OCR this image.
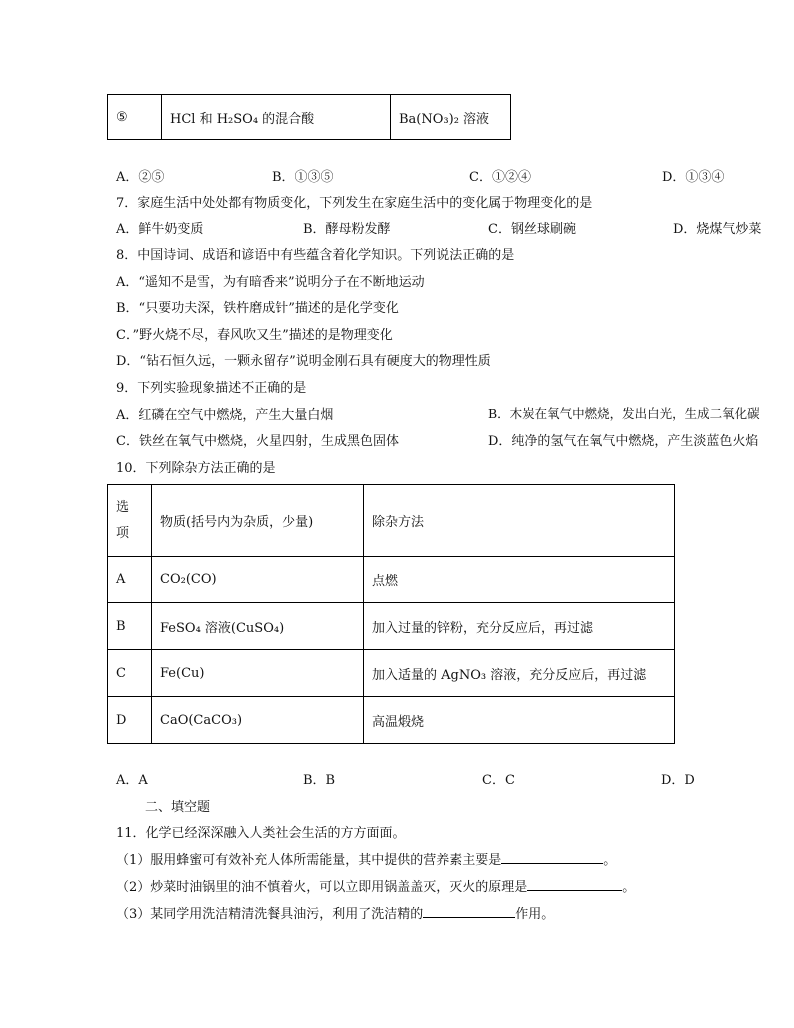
⑤	HCl 和 H₂SO₄ 的混合酸	Ba(NO₃)₂ 溶液
A．②⑤	B．①③⑤	C．①②④	D．①③④
7．家庭生活中处处都有物质变化，下列发生在家庭生活中的变化属于物理变化的是
A．鲜牛奶变质	B．酵母粉发酵	C．钢丝球刷碗	D．烧煤气炒菜
8．中国诗词、成语和谚语中有些蕴含着化学知识。下列说法正确的是
A．“遥知不是雪，为有暗香来”说明分子在不断地运动
B．“只要功夫深，铁杵磨成针”描述的是化学变化
C．”野火烧不尽，春风吹又生”描述的是物理变化
D．“钻石恒久远，一颗永留存”说明金刚石具有硬度大的物理性质
9．下列实验现象描述不正确的是
A．红磷在空气中燃烧，产生大量白烟	B．木炭在氧气中燃烧，发出白光，生成二氧化碳
C．铁丝在氧气中燃烧，火星四射，生成黑色固体	D．纯净的氢气在氧气中燃烧，产生淡蓝色火焰
10．下列除杂方法正确的是
选项	物质(括号内为杂质，少量)	除杂方法
A	CO₂(CO)	点燃
B	FeSO₄ 溶液(CuSO₄)	加入过量的锌粉，充分反应后，再过滤
C	Fe(Cu)	加入适量的 AgNO₃ 溶液，充分反应后，再过滤
D	CaO(CaCO₃)	高温煅烧
A．A	B．B	C．C	D．D
二、填空题
11．化学已经深深融入人类社会生活的方方面面。
（1）服用蜂蜜可有效补充人体所需能量，其中提供的营养素主要是	。
（2）炒菜时油锅里的油不慎着火，可以立即用锅盖盖灭，灭火的原理是	。
（3）某同学用洗洁精清洗餐具油污，利用了洗洁精的	作用。
